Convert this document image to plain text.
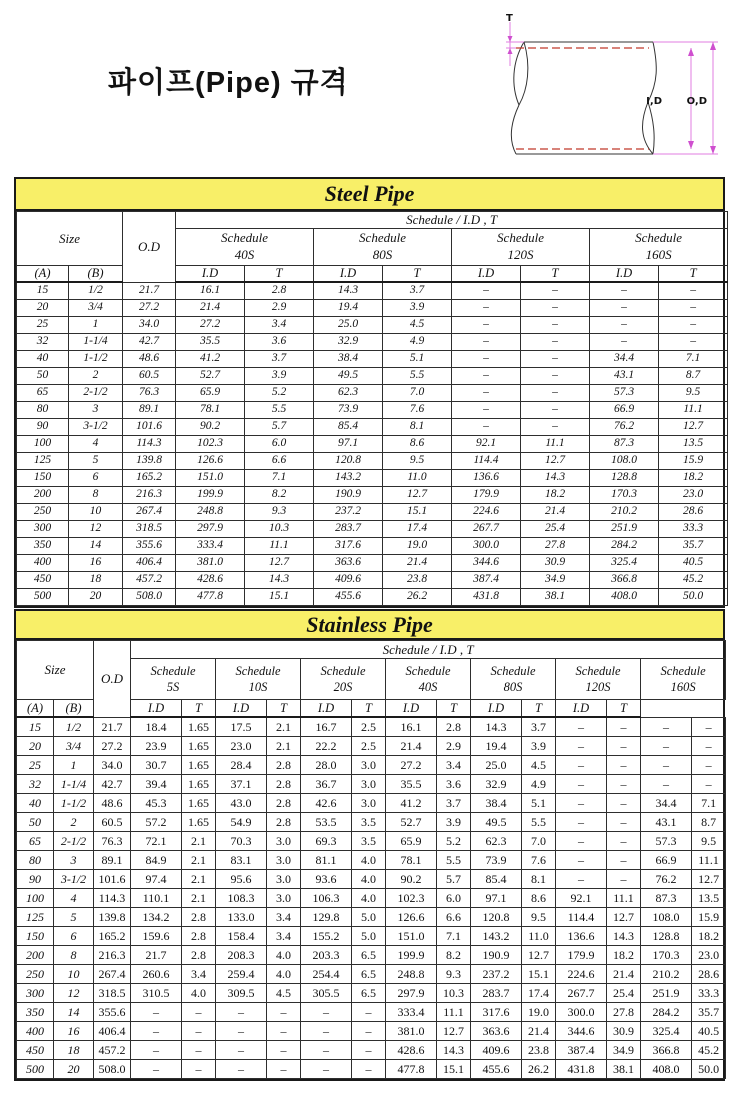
파이프(Pipe) 규격
T
I,D O,D
Steel Pipe
Size		O.D	Schedule / I.D , T							

Schedule
40S

Schedule
80S

Schedule
120S

Schedule
160S

(A)	(B)		I.D	T	I.D	T	I.D	T	I.D	T
15	1/2	21.7	16.1	2.8	14.3	3.7	–	–	–	–
20	3/4	27.2	21.4	2.9	19.4	3.9	–	–	–	–
25	1	34.0	27.2	3.4	25.0	4.5	–	–	–	–
32	1-1/4	42.7	35.5	3.6	32.9	4.9	–	–	–	–
40	1-1/2	48.6	41.2	3.7	38.4	5.1	–	–	34.4	7.1
50	2	60.5	52.7	3.9	49.5	5.5	–	–	43.1	8.7
65	2-1/2	76.3	65.9	5.2	62.3	7.0	–	–	57.3	9.5
80	3	89.1	78.1	5.5	73.9	7.6	–	–	66.9	11.1
90	3-1/2	101.6	90.2	5.7	85.4	8.1	–	–	76.2	12.7
100	4	114.3	102.3	6.0	97.1	8.6	92.1	11.1	87.3	13.5
125	5	139.8	126.6	6.6	120.8	9.5	114.4	12.7	108.0	15.9
150	6	165.2	151.0	7.1	143.2	11.0	136.6	14.3	128.8	18.2
200	8	216.3	199.9	8.2	190.9	12.7	179.9	18.2	170.3	23.0
250	10	267.4	248.8	9.3	237.2	15.1	224.6	21.4	210.2	28.6
300	12	318.5	297.9	10.3	283.7	17.4	267.7	25.4	251.9	33.3
350	14	355.6	333.4	11.1	317.6	19.0	300.0	27.8	284.2	35.7
400	16	406.4	381.0	12.7	363.6	21.4	344.6	30.9	325.4	40.5
450	18	457.2	428.6	14.3	409.6	23.8	387.4	34.9	366.8	45.2
500	20	508.0	477.8	15.1	455.6	26.2	431.8	38.1	408.0	50.0
Stainless Pipe
Size		O.D	Schedule / I.D , T													

Schedule
5S

Schedule
10S

Schedule
20S

Schedule
40S

Schedule
80S

Schedule
120S

Schedule
160S

(A)	(B)		I.D	T	I.D	T	I.D	T	I.D	T	I.D	T	I.D	T		
15	1/2	21.7	18.4	1.65	17.5	2.1	16.7	2.5	16.1	2.8	14.3	3.7	–	–	–	–
20	3/4	27.2	23.9	1.65	23.0	2.1	22.2	2.5	21.4	2.9	19.4	3.9	–	–	–	–
25	1	34.0	30.7	1.65	28.4	2.8	28.0	3.0	27.2	3.4	25.0	4.5	–	–	–	–
32	1-1/4	42.7	39.4	1.65	37.1	2.8	36.7	3.0	35.5	3.6	32.9	4.9	–	–	–	–
40	1-1/2	48.6	45.3	1.65	43.0	2.8	42.6	3.0	41.2	3.7	38.4	5.1	–	–	34.4	7.1
50	2	60.5	57.2	1.65	54.9	2.8	53.5	3.5	52.7	3.9	49.5	5.5	–	–	43.1	8.7
65	2-1/2	76.3	72.1	2.1	70.3	3.0	69.3	3.5	65.9	5.2	62.3	7.0	–	–	57.3	9.5
80	3	89.1	84.9	2.1	83.1	3.0	81.1	4.0	78.1	5.5	73.9	7.6	–	–	66.9	11.1
90	3-1/2	101.6	97.4	2.1	95.6	3.0	93.6	4.0	90.2	5.7	85.4	8.1	–	–	76.2	12.7
100	4	114.3	110.1	2.1	108.3	3.0	106.3	4.0	102.3	6.0	97.1	8.6	92.1	11.1	87.3	13.5
125	5	139.8	134.2	2.8	133.0	3.4	129.8	5.0	126.6	6.6	120.8	9.5	114.4	12.7	108.0	15.9
150	6	165.2	159.6	2.8	158.4	3.4	155.2	5.0	151.0	7.1	143.2	11.0	136.6	14.3	128.8	18.2
200	8	216.3	21.7	2.8	208.3	4.0	203.3	6.5	199.9	8.2	190.9	12.7	179.9	18.2	170.3	23.0
250	10	267.4	260.6	3.4	259.4	4.0	254.4	6.5	248.8	9.3	237.2	15.1	224.6	21.4	210.2	28.6
300	12	318.5	310.5	4.0	309.5	4.5	305.5	6.5	297.9	10.3	283.7	17.4	267.7	25.4	251.9	33.3
350	14	355.6	–	–	–	–	–	–	333.4	11.1	317.6	19.0	300.0	27.8	284.2	35.7
400	16	406.4	–	–	–	–	–	–	381.0	12.7	363.6	21.4	344.6	30.9	325.4	40.5
450	18	457.2	–	–	–	–	–	–	428.6	14.3	409.6	23.8	387.4	34.9	366.8	45.2
500	20	508.0	–	–	–	–	–	–	477.8	15.1	455.6	26.2	431.8	38.1	408.0	50.0
